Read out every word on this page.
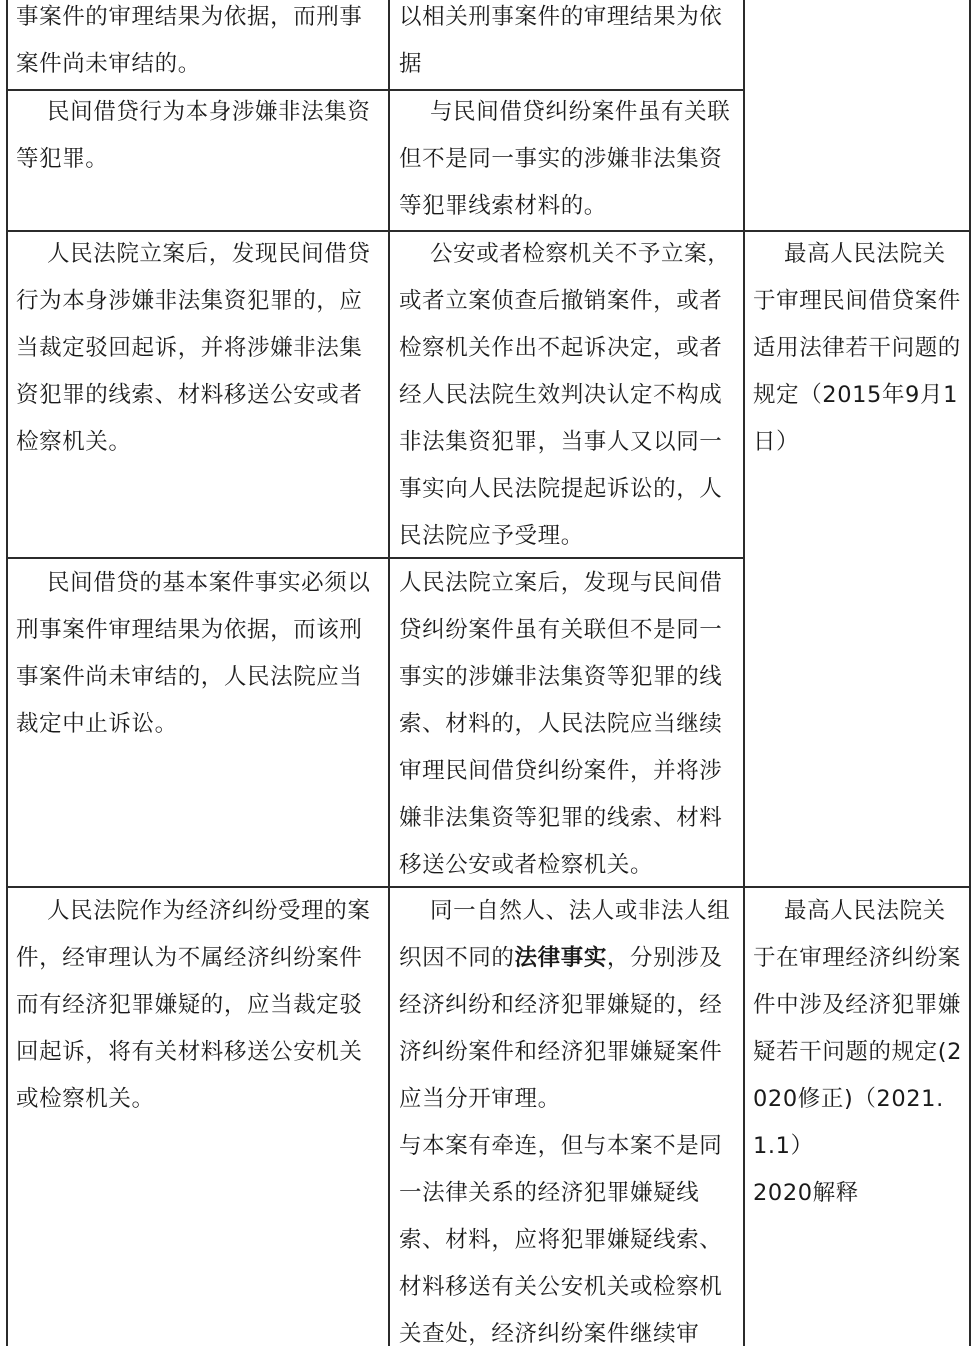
事案件的审理结果为依据，而刑事案件尚未审结的。

以相关刑事案件的审理结果为依据

民间借贷行为本身涉嫌非法集资等犯罪。

与民间借贷纠纷案件虽有关联但不是同一事实的涉嫌非法集资等犯罪线索材料的。

人民法院立案后，发现民间借贷行为本身涉嫌非法集资犯罪的，应当裁定驳回起诉，并将涉嫌非法集资犯罪的线索、材料移送公安或者检察机关。

公安或者检察机关不予立案，或者立案侦查后撤销案件，或者检察机关作出不起诉决定，或者经人民法院生效判决认定不构成非法集资犯罪，当事人又以同一事实向人民法院提起诉讼的，人民法院应予受理。

最高人民法院关于审理民间借贷案件适用法律若干问题的规定（2015年9月1日）

民间借贷的基本案件事实必须以刑事案件审理结果为依据，而该刑事案件尚未审结的，人民法院应当裁定中止诉讼。

人民法院立案后，发现与民间借贷纠纷案件虽有关联但不是同一事实的涉嫌非法集资等犯罪的线索、材料的，人民法院应当继续审理民间借贷纠纷案件，并将涉嫌非法集资等犯罪的线索、材料移送公安或者检察机关。

人民法院作为经济纠纷受理的案件，经审理认为不属经济纠纷案件而有经济犯罪嫌疑的，应当裁定驳回起诉，将有关材料移送公安机关或检察机关。

同一自然人、法人或非法人组织因不同的法律事实，分别涉及经济纠纷和经济犯罪嫌疑的，经济纠纷案件和经济犯罪嫌疑案件应当分开审理。
与本案有牵连，但与本案不是同一法律关系的经济犯罪嫌疑线索、材料，应将犯罪嫌疑线索、材料移送有关公安机关或检察机关查处，经济纠纷案件继续审

最高人民法院关于在审理经济纠纷案件中涉及经济犯罪嫌疑若干问题的规定(2020修正)（2021.1.1）
2020解释
